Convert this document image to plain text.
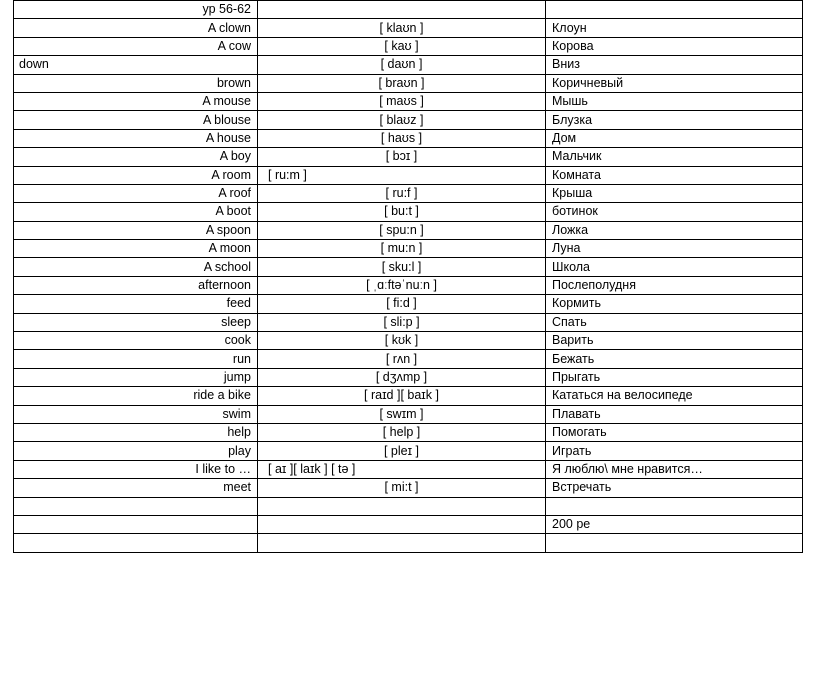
ур 56-62		
A clown	[ klaʊn ]	Клоун
A cow	[ kaʊ ]	Корова
down	[ daʊn ]	Вниз
brown	[ braʊn ]	Коричневый
A mouse	[ maʊs ]	Мышь
A blouse	[ blaʊz ]	Блузка
A house	[ haʊs ]	Дом
A boy	[ bɔɪ ]	Мальчик
A room	[ ru:m ]	Комната
A roof	[ ru:f ]	Крыша
A boot	[ bu:t ]	ботинок
A spoon	[ spu:n ]	Ложка
A moon	[ mu:n ]	Луна
A school	[ sku:l ]	Школа
afternoon	[ ˌɑːftəˈnuːn ]	Послеполудня
feed	[ fi:d ]	Кормить
sleep	[ sli:p ]	Спать
cook	[ kʊk ]	Варить
run	[ rʌn ]	Бежать
jump	[ dʒʌmp ]	Прыгать
ride a bike	[ raɪd ][ baɪk ]	Кататься на велосипеде
swim	[ swɪm ]	Плавать
help	[ help ]	Помогать
play	[ pleɪ ]	Играть
I like to …	[ aɪ ][ laɪk ] [ tə ]	Я люблю\ мне нравится…
meet	[ mi:t ]	Встречать

		200 ре
